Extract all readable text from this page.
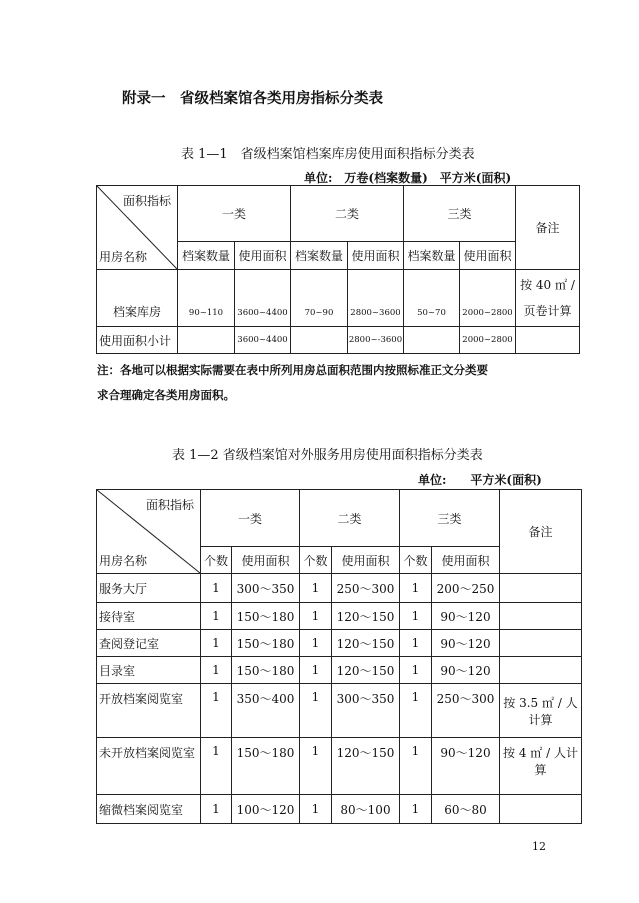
附录一　省级档案馆各类用房指标分类表
表 1—1　省级档案馆档案库房使用面积指标分类表
单位:　万卷(档案数量)　平方米(面积)
面积指标
用房名称	一类		二类		三类		备注
	档案数量	使用面积	档案数量	使用面积	档案数量	使用面积	
档案库房	90~110	3600~4400	70~90	2800~3600	50~70	2000~2800	按 40 ㎡ / 页卷计算

使用面积小计		3600~4400		2800~-3600		2000~2800	
注：各地可以根据实际需要在表中所列用房总面积范围内按照标准正文分类要
求合理确定各类用房面积。
表 1—2 省级档案馆对外服务用房使用面积指标分类表
单位:　　平方米(面积)
面积指标
用房名称	一类		二类		三类		备注
	个数	使用面积	个数	使用面积	个数	使用面积	
服务大厅	1	300～350	1	250～300	1	200～250	
接待室	1	150～180	1	120～150	1	90～120	
查阅登记室	1	150～180	1	120～150	1	90～120	
目录室	1	150～180	1	120～150	1	90～120	
开放档案阅览室	1	350～400	1	300～350	1	250～300	按 3.5 ㎡ / 人计算

未开放档案阅览室	1	150～180	1	120～150	1	90～120	按 4 ㎡ / 人计算
缩微档案阅览室	1	100～120	1	80～100	1	60～80	
12
